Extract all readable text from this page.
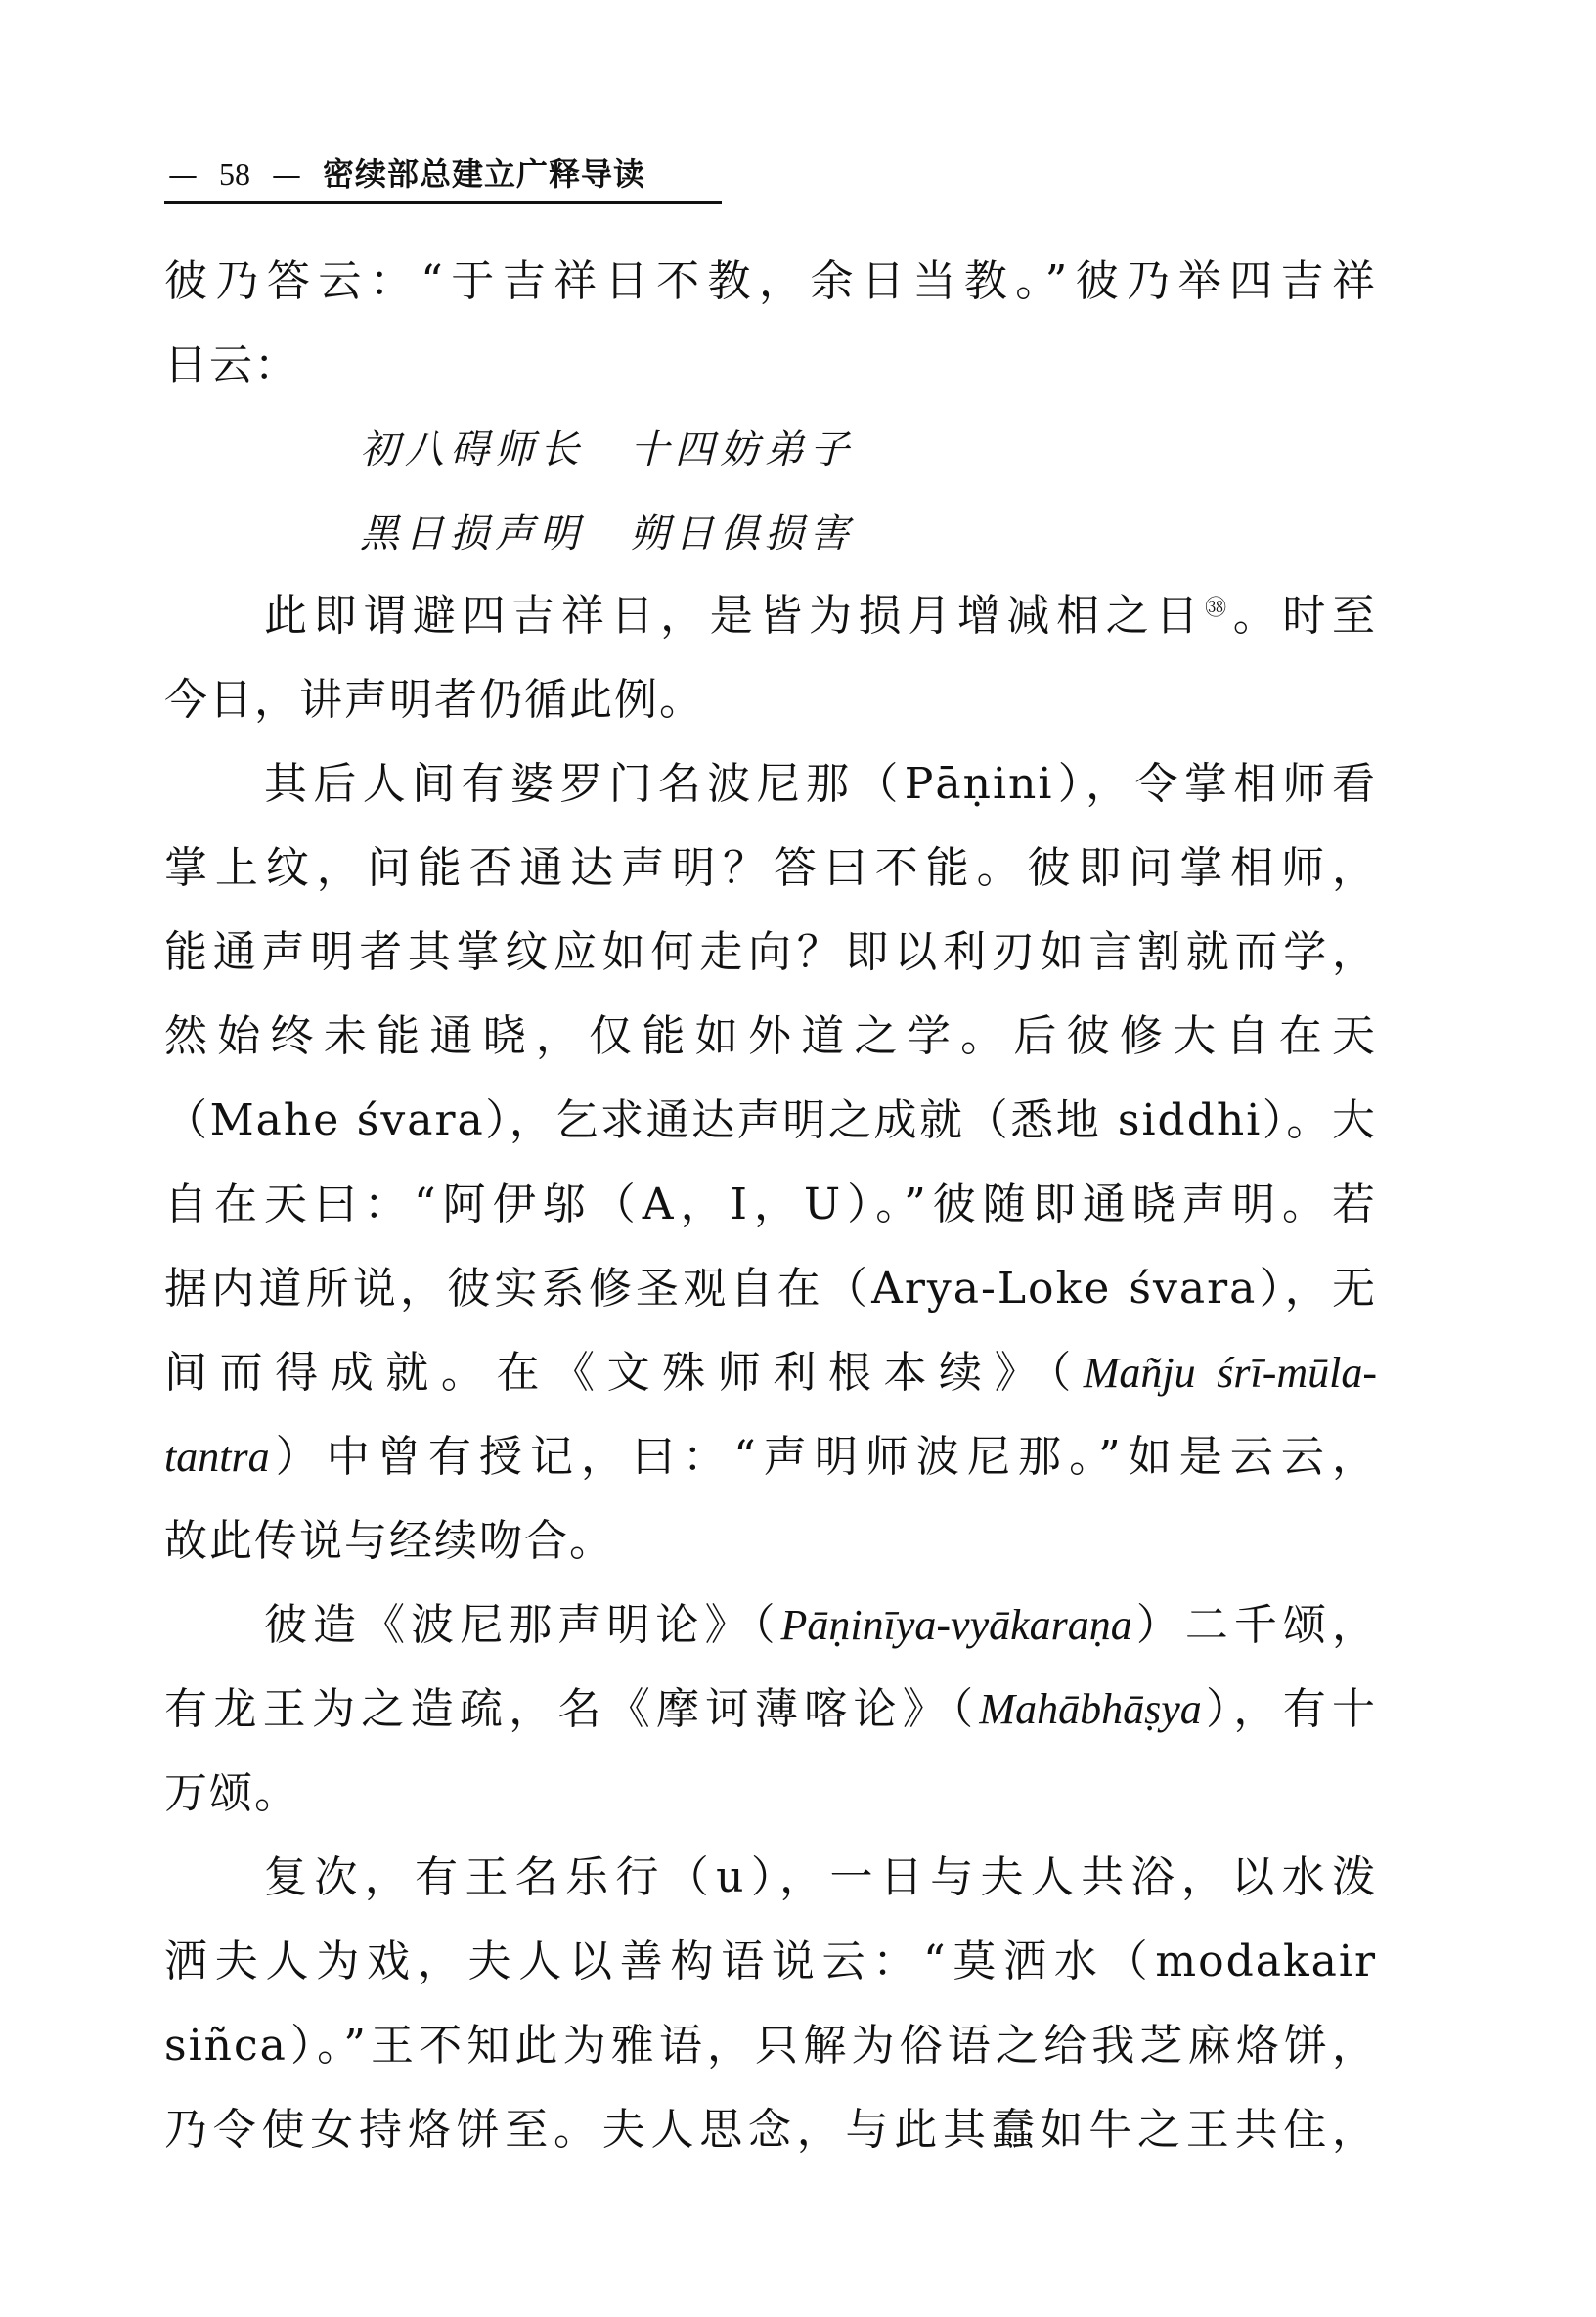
— 58 — 密续部总建立广释导读
彼乃答云：“于吉祥日不教，余日当教。”彼乃举四吉祥
日云：
初八碍师长　十四妨弟子
黑日损声明　朔日俱损害
此即谓避四吉祥日，是皆为损月增减相之日$^㊳$。时至
今日，讲声明者仍循此例。
其后人间有婆罗门名波尼那（Pāṇini），令掌相师看
掌上纹，问能否通达声明？答曰不能。彼即问掌相师，
能通声明者其掌纹应如何走向？即以利刃如言割就而学，
然始终未能通晓，仅能如外道之学。后彼修大自在天
（Mahe śvara），乞求通达声明之成就（悉地 siddhi）。大
自在天曰：“阿伊邬（A，I，U）。”彼随即通晓声明。若
据内道所说，彼实系修圣观自在（Arya-Loke śvara），无
间而得成就。在《文殊师利根本续》（Mañju śrī-mūla-
tantra）中曾有授记，曰：“声明师波尼那。”如是云云，
故此传说与经续吻合。
彼造《波尼那声明论》（Pāṇinīya-vyākaraṇa）二千颂，
有龙王为之造疏，名《摩诃薄喀论》（Mahābhāṣya），有十
万颂。
复次，有王名乐行（u），一日与夫人共浴，以水泼
洒夫人为戏，夫人以善构语说云：“莫洒水（modakair
siñca）。”王不知此为雅语，只解为俗语之给我芝麻烙饼，
乃令使女持烙饼至。夫人思念，与此其蠢如牛之王共住，
